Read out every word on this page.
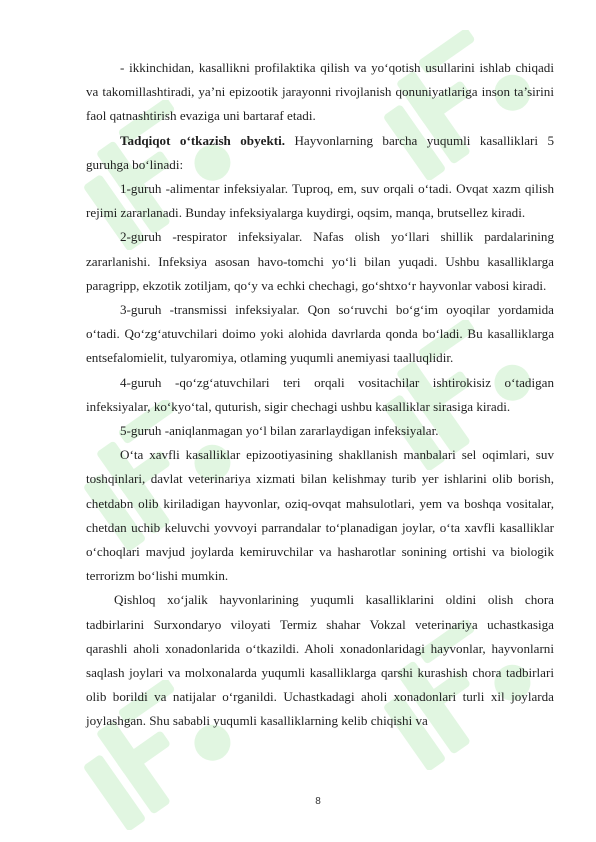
- ikkinchidan, kasallikni profilaktika qilish va yo‘qotish usullarini ishlab chiqadi va takomillashtiradi, ya’ni epizootik jarayonni rivojlanish qonuniyatlariga inson ta’sirini faol qatnashtirish evaziga uni bartaraf etadi.

Tadqiqot o‘tkazish obyekti. Hayvonlarning barcha yuqumli kasalliklari 5 guruhga bo‘linadi:

1-guruh -alimentar infeksiyalar. Tuproq, em, suv orqali o‘tadi. Ovqat xazm qilish rejimi zararlanadi. Bunday infeksiyalarga kuydirgi, oqsim, manqa, brutsellez kiradi.

2-guruh -respirator infeksiyalar. Nafas olish yo‘llari shillik pardalarining zararlanishi. Infeksiya asosan havo-tomchi yo‘li bilan yuqadi. Ushbu kasalliklarga paragripp, ekzotik zotiljam, qo‘y va echki chechagi, go‘shtxo‘r hayvonlar vabosi kiradi.

3-guruh -transmissi infeksiyalar. Qon so‘ruvchi bo‘g‘im oyoqilar yordamida o‘tadi. Qo‘zg‘atuvchilari doimo yoki alohida davrlarda qonda bo‘ladi. Bu kasalliklarga entsefalomielit, tulyaromiya, otlaming yuqumli anemiyasi taalluqlidir.

4-guruh -qo‘zg‘atuvchilari teri orqali vositachilar ishtirokisiz o‘tadigan infeksiyalar, ko‘kyo‘tal, quturish, sigir chechagi ushbu kasalliklar sirasiga kiradi.

5-guruh -aniqlanmagan yo‘l bilan zararlaydigan infeksiyalar.

O‘ta xavfli kasalliklar epizootiyasining shakllanish manbalari sel oqimlari, suv toshqinlari, davlat veterinariya xizmati bilan kelishmay turib yer ishlarini olib borish, chetdabn olib kiriladigan hayvonlar, oziq-ovqat mahsulotlari, yem va boshqa vositalar, chetdan uchib keluvchi yovvoyi parrandalar to‘planadigan joylar, o‘ta xavfli kasalliklar o‘choqlari mavjud joylarda kemiruvchilar va hasharotlar sonining ortishi va biologik terrorizm bo‘lishi mumkin.

Qishloq xo‘jalik hayvonlarining yuqumli kasalliklarini oldini olish chora tadbirlarini Surxondaryo viloyati Termiz shahar Vokzal veterinariya uchastkasiga qarashli aholi xonadonlarida o‘tkazildi. Aholi xonadonlaridagi hayvonlar, hayvonlarni saqlash joylari va molxonalarda yuqumli kasalliklarga qarshi kurashish chora tadbirlari olib borildi va natijalar o‘rganildi. Uchastkadagi aholi xonadonlari turli xil joylarda joylashgan. Shu sababli yuqumli kasalliklarning kelib chiqishi va

8
